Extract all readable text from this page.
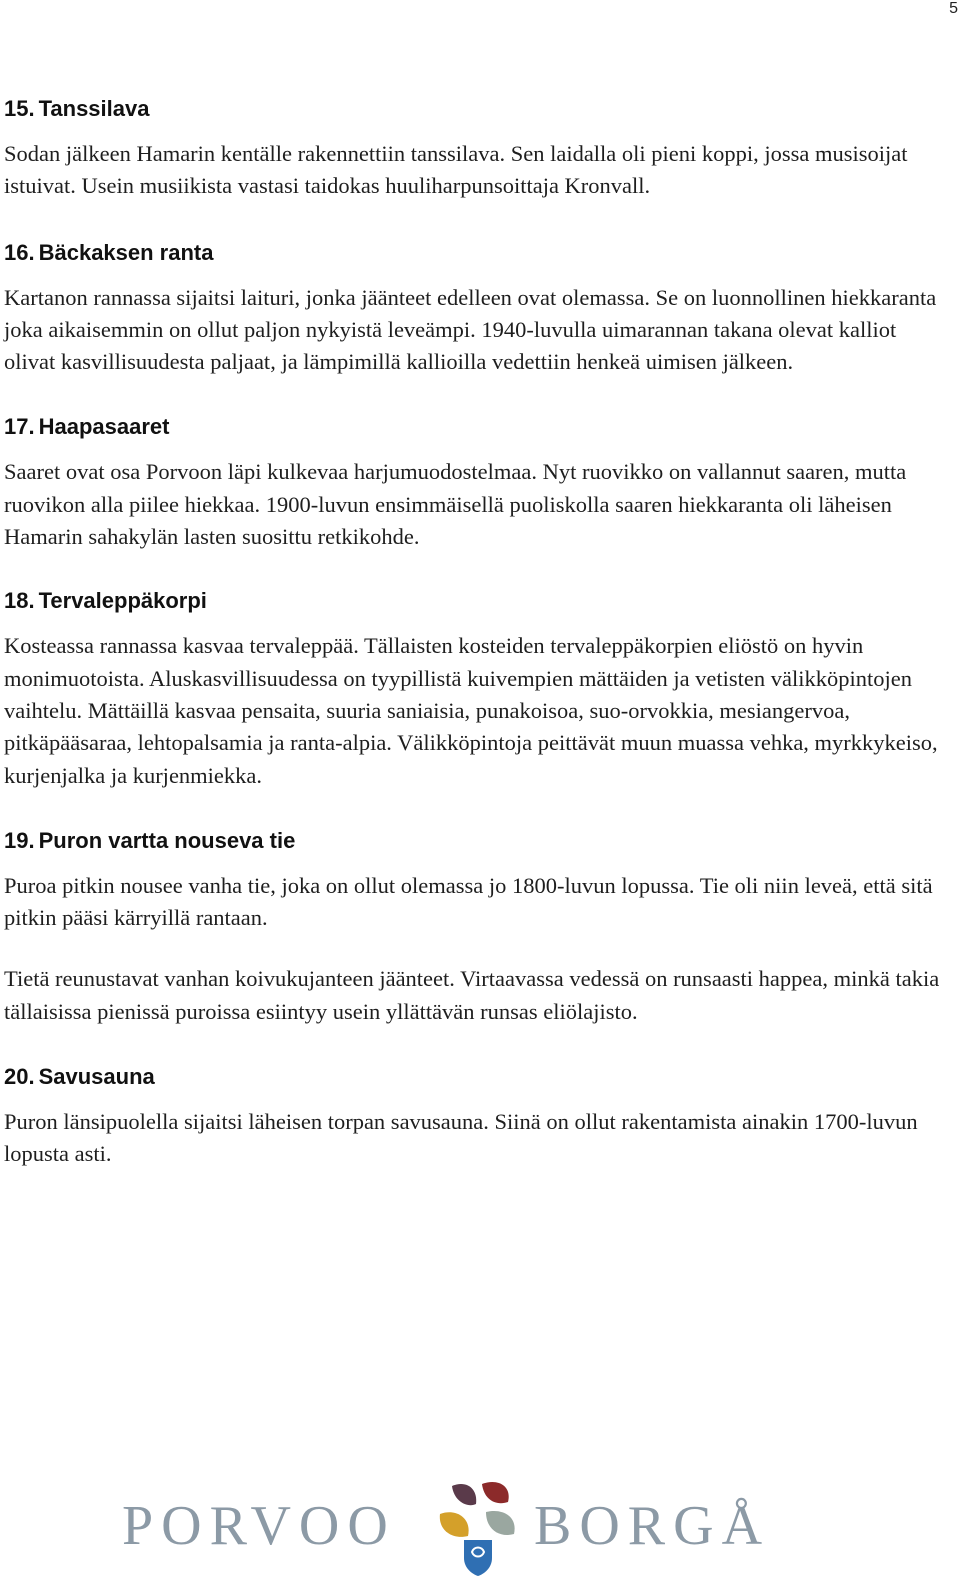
5
15. Tanssilava

Sodan jälkeen Hamarin kentälle rakennettiin tanssilava. Sen laidalla oli pieni koppi, jossa musisoijat istuivat. Usein musiikista vastasi taidokas huuliharpunsoittaja Kronvall.

16. Bäckaksen ranta

Kartanon rannassa sijaitsi laituri, jonka jäänteet edelleen ovat olemassa. Se on luonnollinen hiekkaranta joka aikaisemmin on ollut paljon nykyistä leveämpi. 1940-luvulla uimarannan takana olevat kalliot olivat kasvillisuudesta paljaat, ja lämpimillä kallioilla vedettiin henkeä uimisen jälkeen.

17. Haapasaaret

Saaret ovat osa Porvoon läpi kulkevaa harjumuodostelmaa. Nyt ruovikko on vallannut saaren, mutta ruovikon alla piilee hiekkaa. 1900-luvun ensimmäisellä puoliskolla saaren hiekkaranta oli läheisen Hamarin sahakylän lasten suosittu retkikohde.

18. Tervaleppäkorpi

Kosteassa rannassa kasvaa tervaleppää. Tällaisten kosteiden tervaleppäkorpien eliöstö on hyvin monimuotoista. Aluskasvillisuudessa on tyypillistä kuivempien mättäiden ja vetisten välikköpintojen vaihtelu. Mättäillä kasvaa pensaita, suuria saniaisia, punakoisoa, suo-orvokkia, mesiangervoa, pitkäpääsaraa, lehtopalsamia ja ranta-alpia. Välikköpintoja peittävät muun muassa vehka, myrkkykeiso, kurjenjalka ja kurjenmiekka.

19. Puron vartta nouseva tie

Puroa pitkin nousee vanha tie, joka on ollut olemassa jo 1800-luvun lopussa. Tie oli niin leveä, että sitä pitkin pääsi kärryillä rantaan.

Tietä reunustavat vanhan koivukujanteen jäänteet. Virtaavassa vedessä on runsaasti happea, minkä takia tällaisissa pienissä puroissa esiintyy usein yllättävän runsas eliölajisto.

20. Savusauna

Puron länsipuolella sijaitsi läheisen torpan savusauna. Siinä on ollut rakentamista ainakin 1700-luvun lopusta asti.

PORVOO BORGÅ
